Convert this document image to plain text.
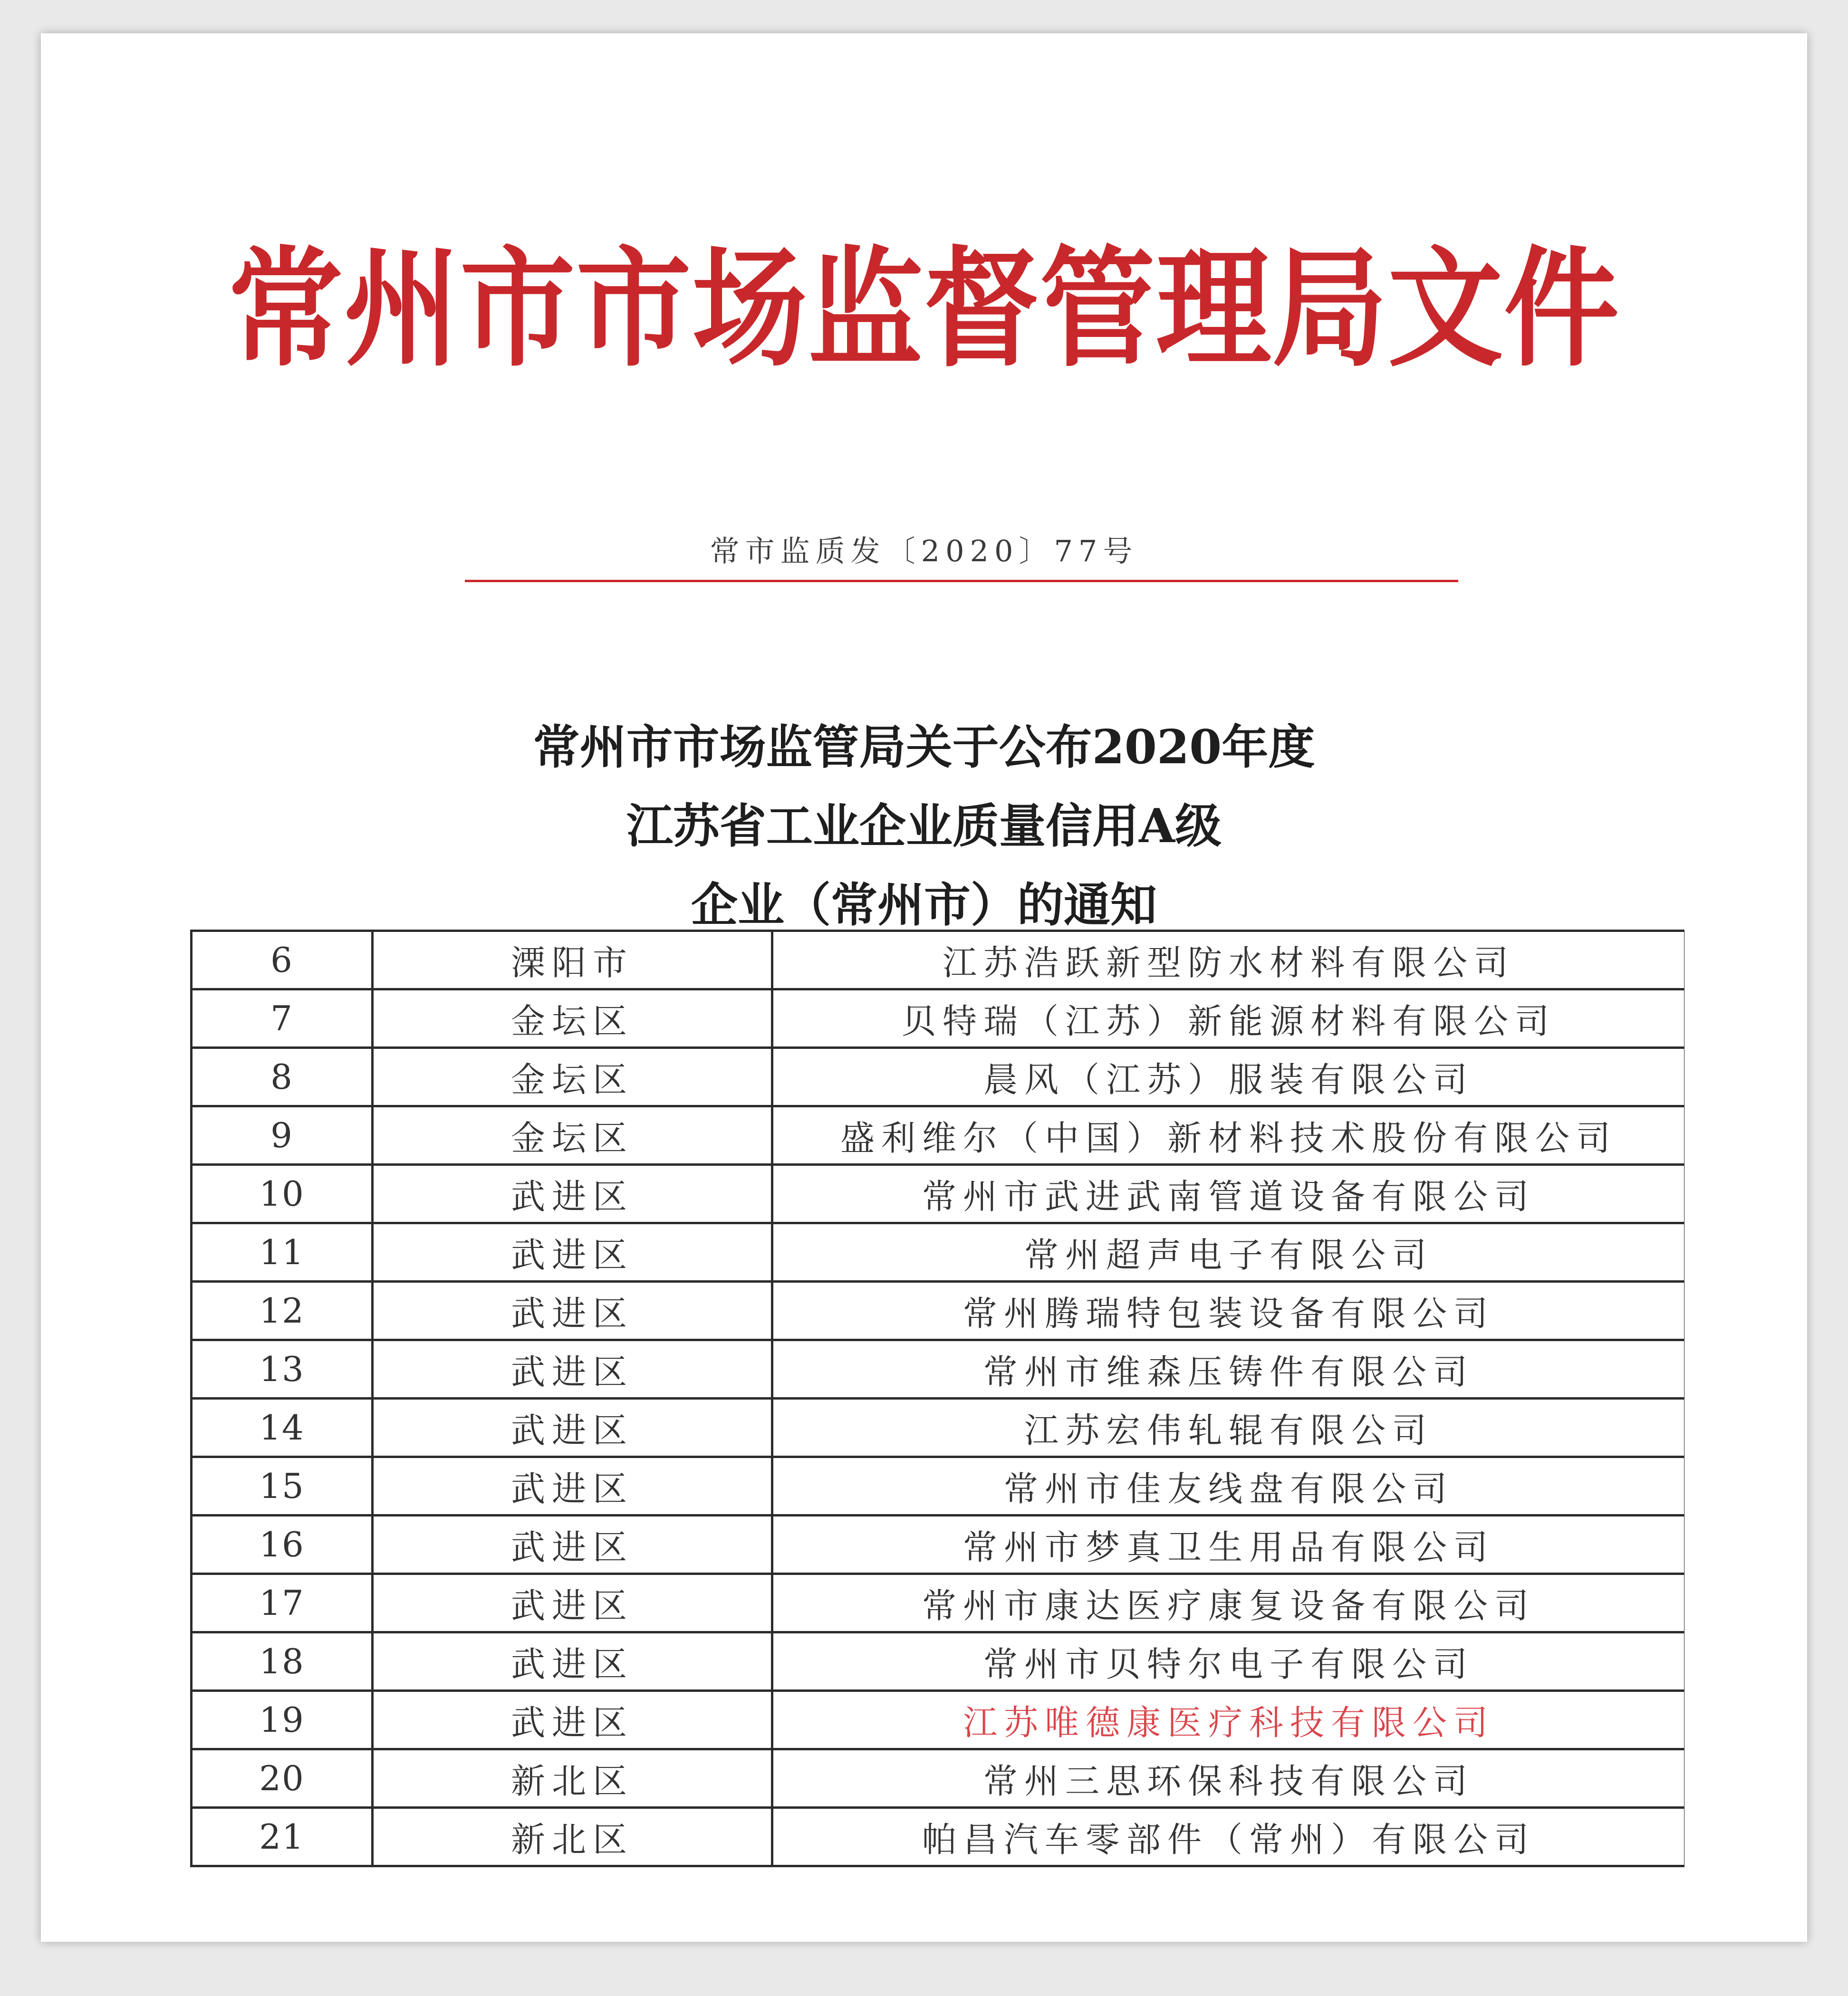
常州市市场监督管理局文件
常市监质发〔2020〕77号
常州市市场监管局关于公布2020年度
江苏省工业企业质量信用A级
企业（常州市）的通知
6	溧阳市	江苏浩跃新型防水材料有限公司
7	金坛区	贝特瑞（江苏）新能源材料有限公司
8	金坛区	晨风（江苏）服装有限公司
9	金坛区	盛利维尔（中国）新材料技术股份有限公司
10	武进区	常州市武进武南管道设备有限公司
11	武进区	常州超声电子有限公司
12	武进区	常州腾瑞特包装设备有限公司
13	武进区	常州市维森压铸件有限公司
14	武进区	江苏宏伟轧辊有限公司
15	武进区	常州市佳友线盘有限公司
16	武进区	常州市梦真卫生用品有限公司
17	武进区	常州市康达医疗康复设备有限公司
18	武进区	常州市贝特尔电子有限公司
19	武进区	江苏唯德康医疗科技有限公司
20	新北区	常州三思环保科技有限公司
21	新北区	帕昌汽车零部件（常州）有限公司
